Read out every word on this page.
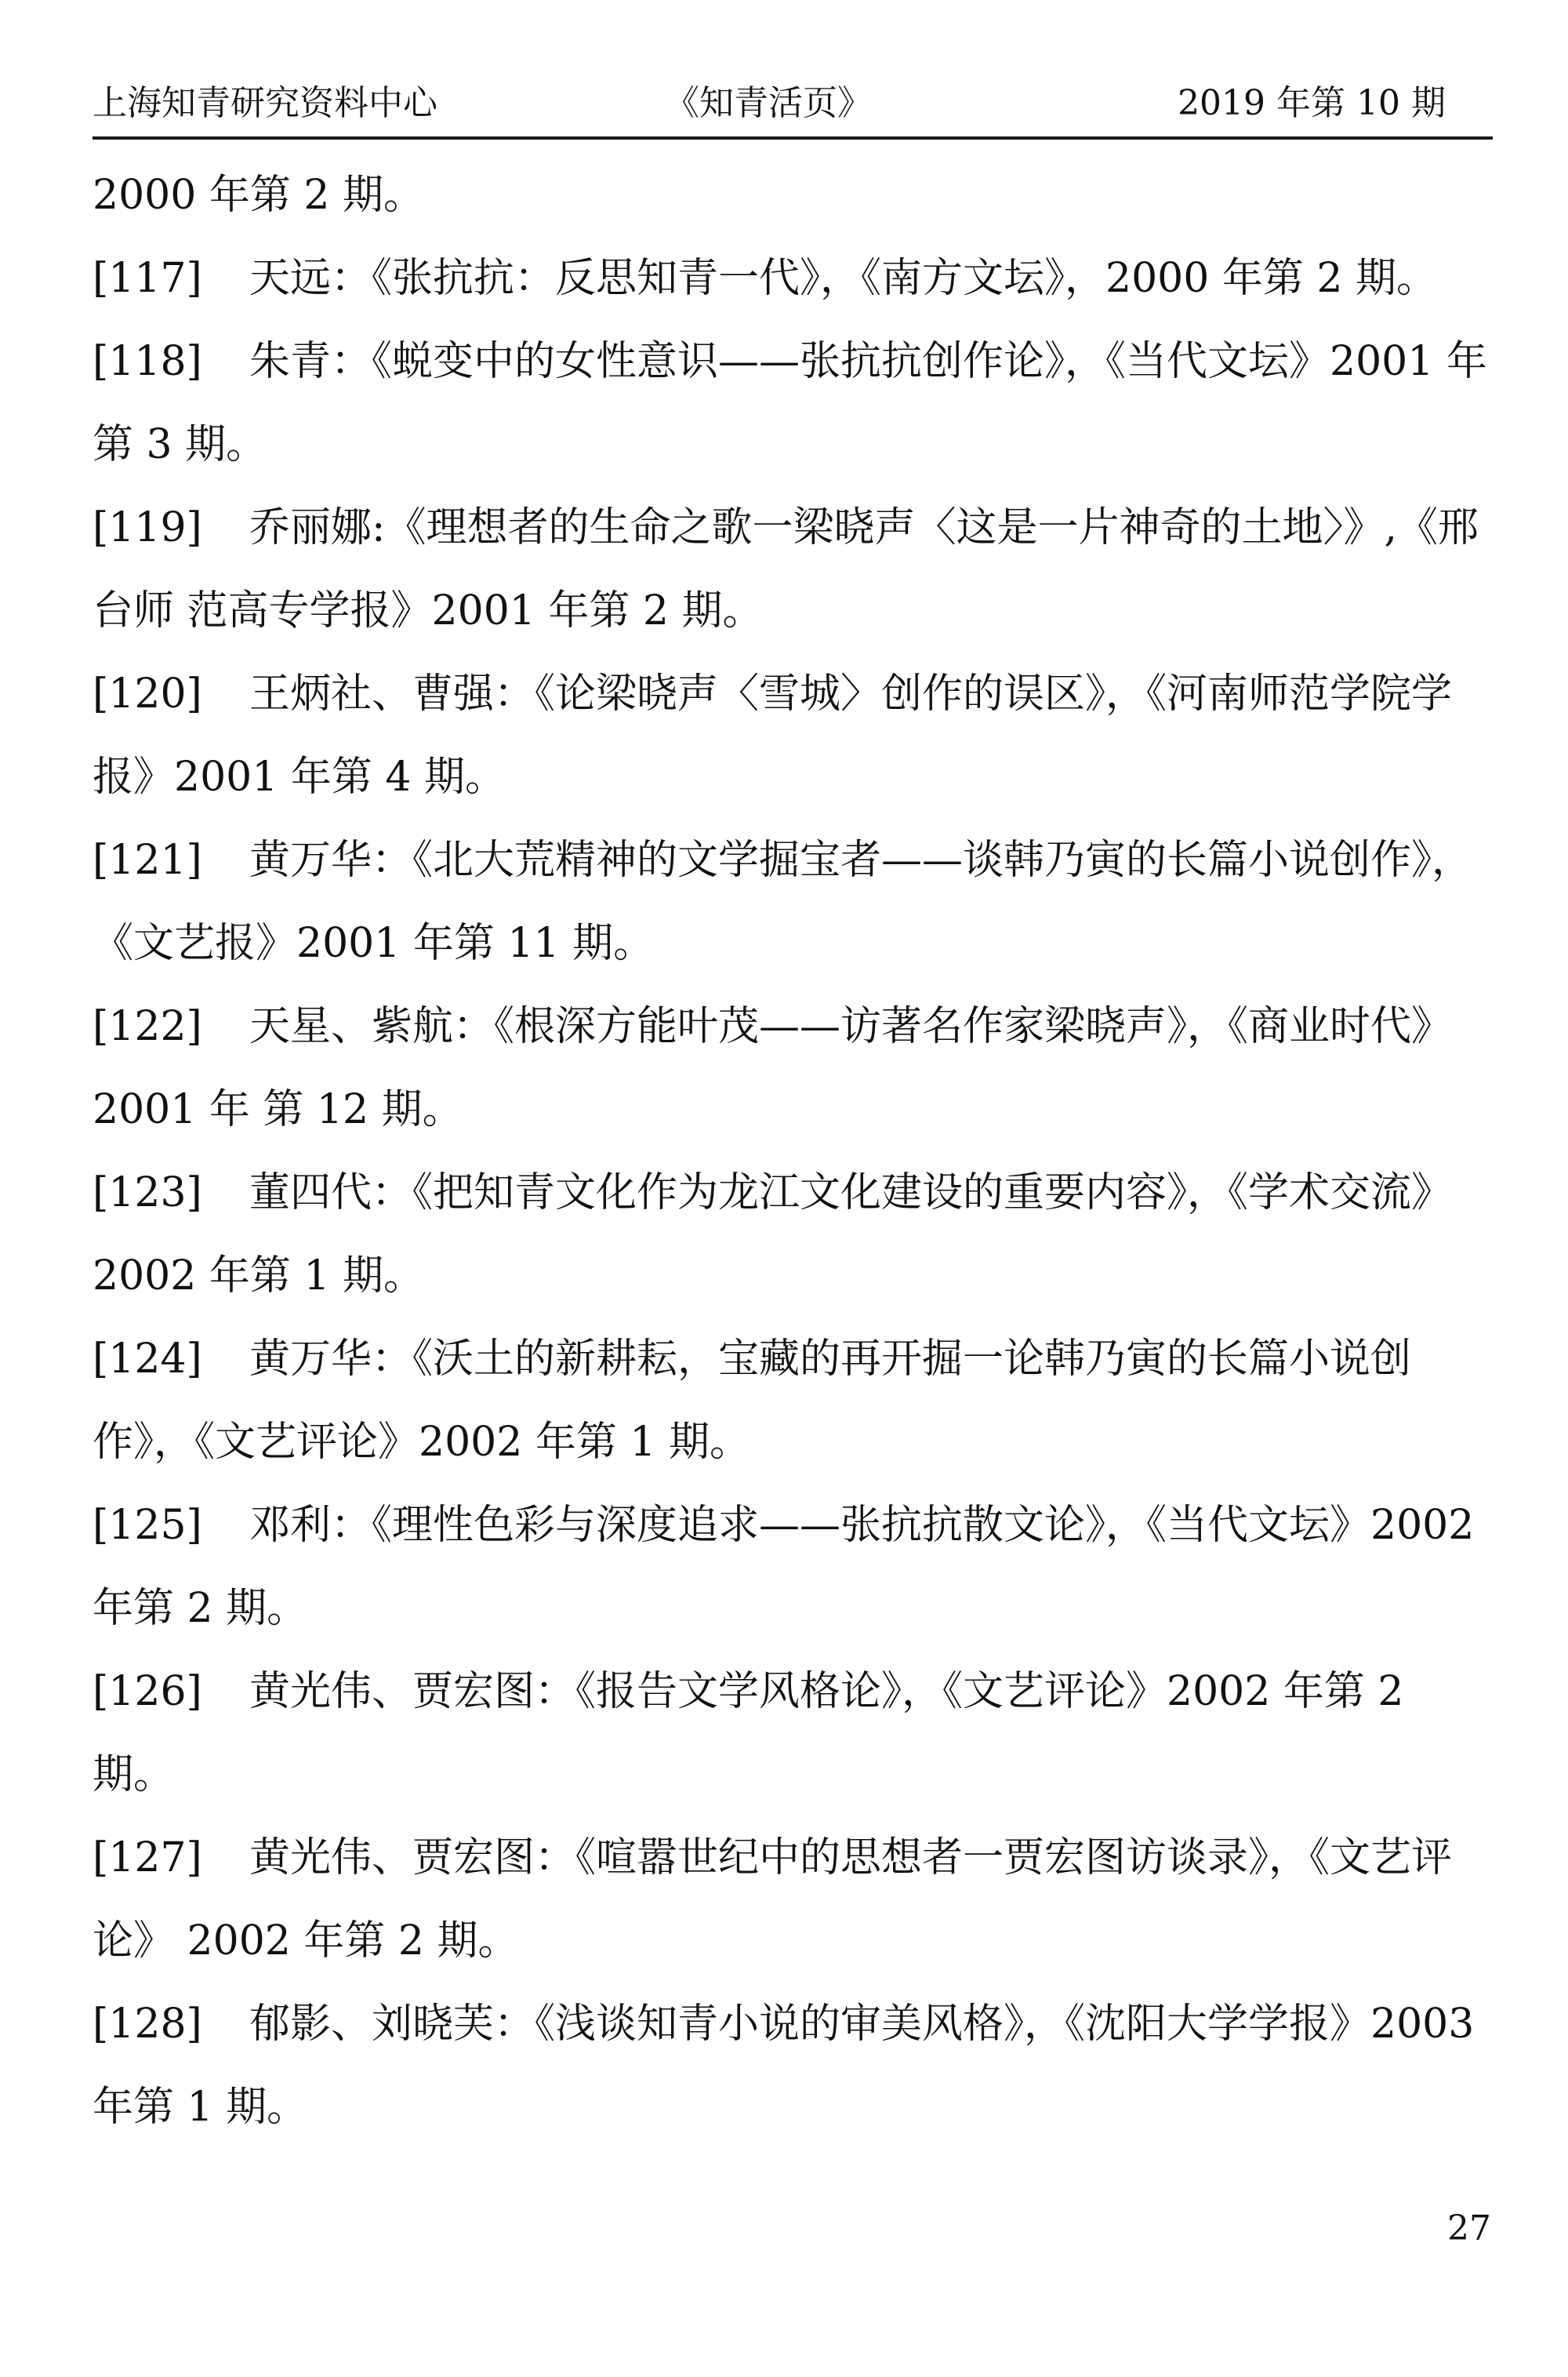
上海知青研究资料中心	《知青活页》	2019 年第 10 期

2000 年第 2 期。

[117] 天远：《张抗抗：反思知青一代》，《南方文坛》，2000 年第 2 期。

[118] 朱青：《蜕变中的女性意识——张抗抗创作论》，《当代文坛》2001 年第 3 期。

[119] 乔丽娜:《理想者的生命之歌一梁晓声〈这是一片神奇的土地〉》,《邢台师 范高专学报》2001 年第 2 期。

[120] 王炳社、曹强：《论梁晓声〈雪城〉创作的误区》，《河南师范学院学报》2001 年第 4 期。

[121] 黄万华：《北大荒精神的文学掘宝者——谈韩乃寅的长篇小说创作》，《文艺报》2001 年第 11 期。

[122] 天星、紫航：《根深方能叶茂——访著名作家梁晓声》，《商业时代》2001 年 第 12 期。

[123] 董四代：《把知青文化作为龙江文化建设的重要内容》，《学术交流》2002 年第 1 期。

[124] 黄万华：《沃土的新耕耘，宝藏的再开掘一论韩乃寅的长篇小说创作》，《文艺评论》2002 年第 1 期。

[125] 邓利：《理性色彩与深度追求——张抗抗散文论》，《当代文坛》2002 年第 2 期。

[126] 黄光伟、贾宏图：《报告文学风格论》，《文艺评论》2002 年第 2 期。

[127] 黄光伟、贾宏图：《喧嚣世纪中的思想者一贾宏图访谈录》，《文艺评论》 2002 年第 2 期。

[128] 郁影、刘晓芙：《浅谈知青小说的审美风格》，《沈阳大学学报》2003 年第 1 期。

27
